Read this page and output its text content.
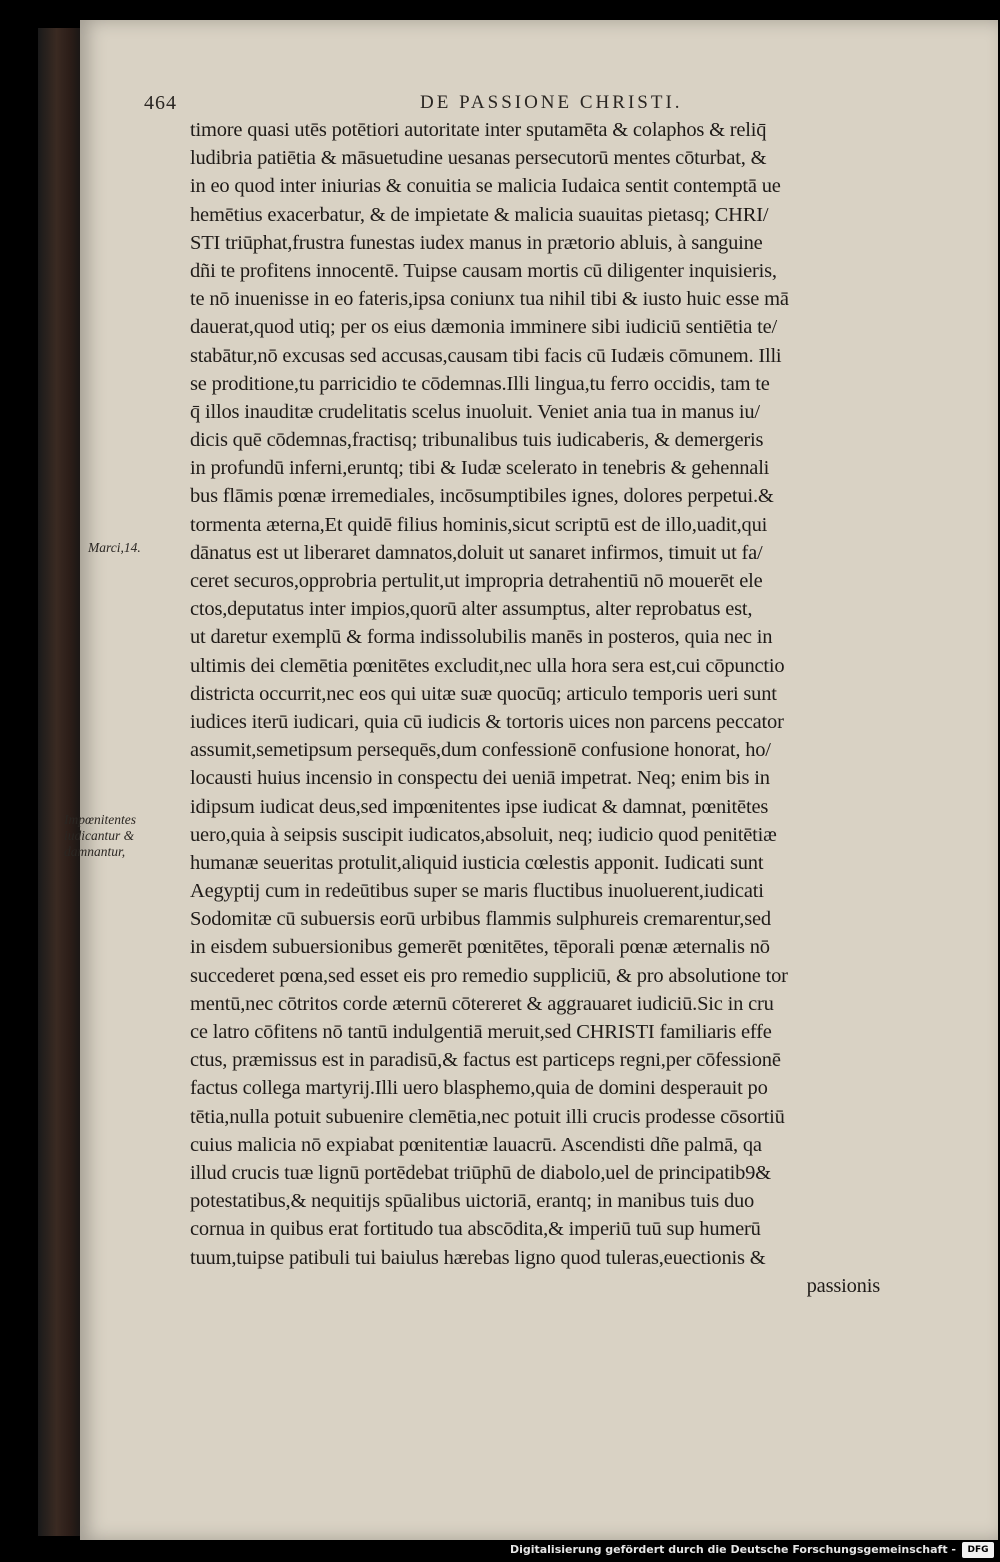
464	DE PASSIONE CHRISTI.
Marci,14.
Impœnitentes
iudicantur &
damnantur,
timore quasi utēs potētiori autoritate inter sputamēta & colaphos & reliq̄
ludibria patiētia & māsuetudine uesanas persecutorū mentes cōturbat, &
in eo quod inter iniurias & conuitia se malicia Iudaica sentit contemptā ue
hemētius exacerbatur, & de impietate & malicia suauitas pietasq; CHRI/
STI triūphat,frustra funestas iudex manus in prætorio abluis, à sanguine
dñi te profitens innocentē. Tuipse causam mortis cū diligenter inquisieris,
te nō inuenisse in eo fateris,ipsa coniunx tua nihil tibi & iusto huic esse mā
dauerat,quod utiq; per os eius dæmonia imminere sibi iudiciū sentiētia te/
stabātur,nō excusas sed accusas,causam tibi facis cū Iudæis cōmunem. Illi
se proditione,tu parricidio te cōdemnas.Illi lingua,tu ferro occidis, tam te
q̄ illos inauditæ crudelitatis scelus inuoluit. Veniet ania tua in manus iu/
dicis quē cōdemnas,fractisq; tribunalibus tuis iudicaberis, & demergeris
in profundū inferni,eruntq; tibi & Iudæ scelerato in tenebris & gehennali
bus flāmis pœnæ irremediales, incōsumptibiles ignes, dolores perpetui.&
tormenta æterna,Et quidē filius hominis,sicut scriptū est de illo,uadit,qui
dānatus est ut liberaret damnatos,doluit ut sanaret infirmos, timuit ut fa/
ceret securos,opprobria pertulit,ut impropria detrahentiū nō mouerēt ele
ctos,deputatus inter impios,quorū alter assumptus, alter reprobatus est,
ut daretur exemplū & forma indissolubilis manēs in posteros, quia nec in
ultimis dei clemētia pœnitētes excludit,nec ulla hora sera est,cui cōpunctio
districta occurrit,nec eos qui uitæ suæ quocūq; articulo temporis ueri sunt
iudices iterū iudicari, quia cū iudicis & tortoris uices non parcens peccator
assumit,semetipsum persequēs,dum confessionē confusione honorat, ho/
locausti huius incensio in conspectu dei ueniā impetrat. Neq; enim bis in
idipsum iudicat deus,sed impœnitentes ipse iudicat & damnat, pœnitētes
uero,quia à seipsis suscipit iudicatos,absoluit, neq; iudicio quod penitētiæ
humanæ seueritas protulit,aliquid iusticia cœlestis apponit. Iudicati sunt
Aegyptij cum in redeūtibus super se maris fluctibus inuoluerent,iudicati
Sodomitæ cū subuersis eorū urbibus flammis sulphureis cremarentur,sed
in eisdem subuersionibus gemerēt pœnitētes, tēporali pœnæ æternalis nō
succederet pœna,sed esset eis pro remedio suppliciū, & pro absolutione tor
mentū,nec cōtritos corde æternū cōtereret & aggrauaret iudiciū.Sic in cru
ce latro cōfitens nō tantū indulgentiā meruit,sed CHRISTI familiaris effe
ctus, præmissus est in paradisū,& factus est particeps regni,per cōfessionē
factus collega martyrij.Illi uero blasphemo,quia de domini desperauit po
tētia,nulla potuit subuenire clemētia,nec potuit illi crucis prodesse cōsortiū
cuius malicia nō expiabat pœnitentiæ lauacrū. Ascendisti dñe palmā, qa
illud crucis tuæ lignū portēdebat triūphū de diabolo,uel de principatib9&
potestatibus,& nequitijs spūalibus uictoriā, erantq; in manibus tuis duo
cornua in quibus erat fortitudo tua abscōdita,& imperiū tuū sup humerū
tuum,tuipse patibuli tui baiulus hærebas ligno quod tuleras,euectionis &
passionis
Digitalisierung gefördert durch die Deutsche Forschungsgemeinschaft -	DFG
